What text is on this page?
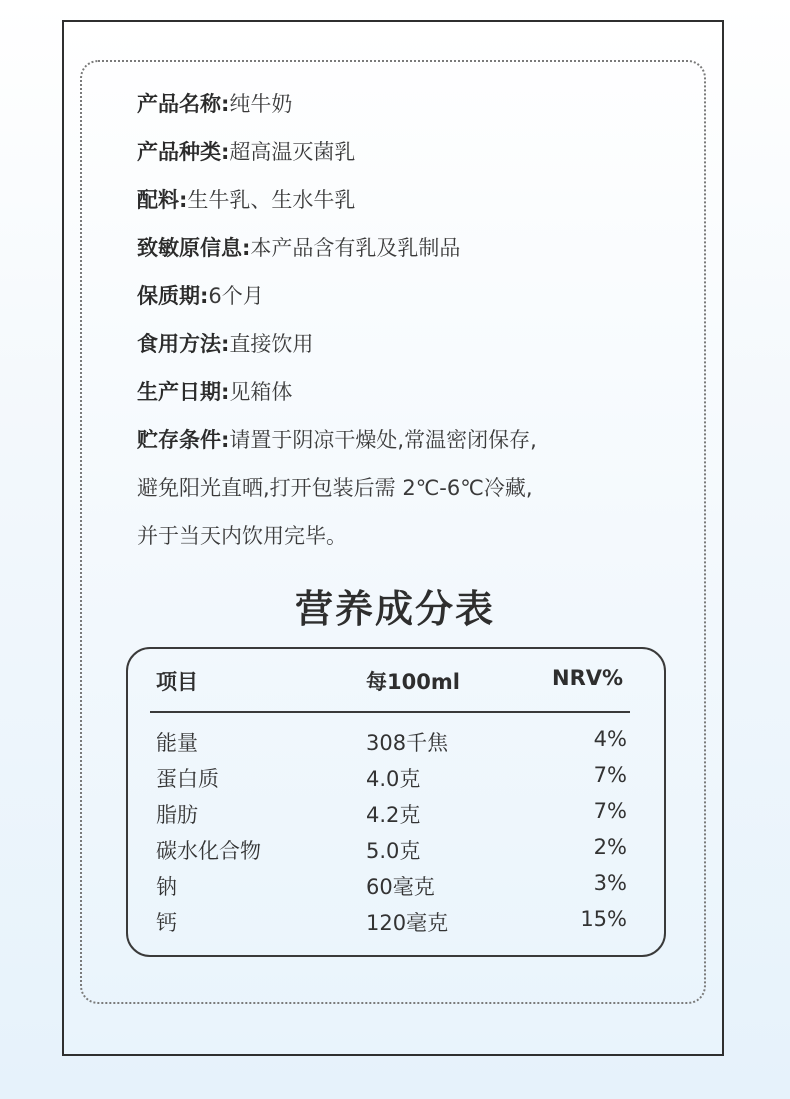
产品名称:纯牛奶
产品种类:超高温灭菌乳
配料:生牛乳、生水牛乳
致敏原信息:本产品含有乳及乳制品
保质期:6个月
食用方法:直接饮用
生产日期:见箱体
贮存条件:请置于阴凉干燥处,常温密闭保存,
避免阳光直晒,打开包装后需 2℃-6℃冷藏,
并于当天内饮用完毕。
营养成分表
项目	每100ml	NRV%
能量	308千焦	4%
蛋白质	4.0克	7%
脂肪	4.2克	7%
碳水化合物	5.0克	2%
钠	60毫克	3%
钙	120毫克	15%
